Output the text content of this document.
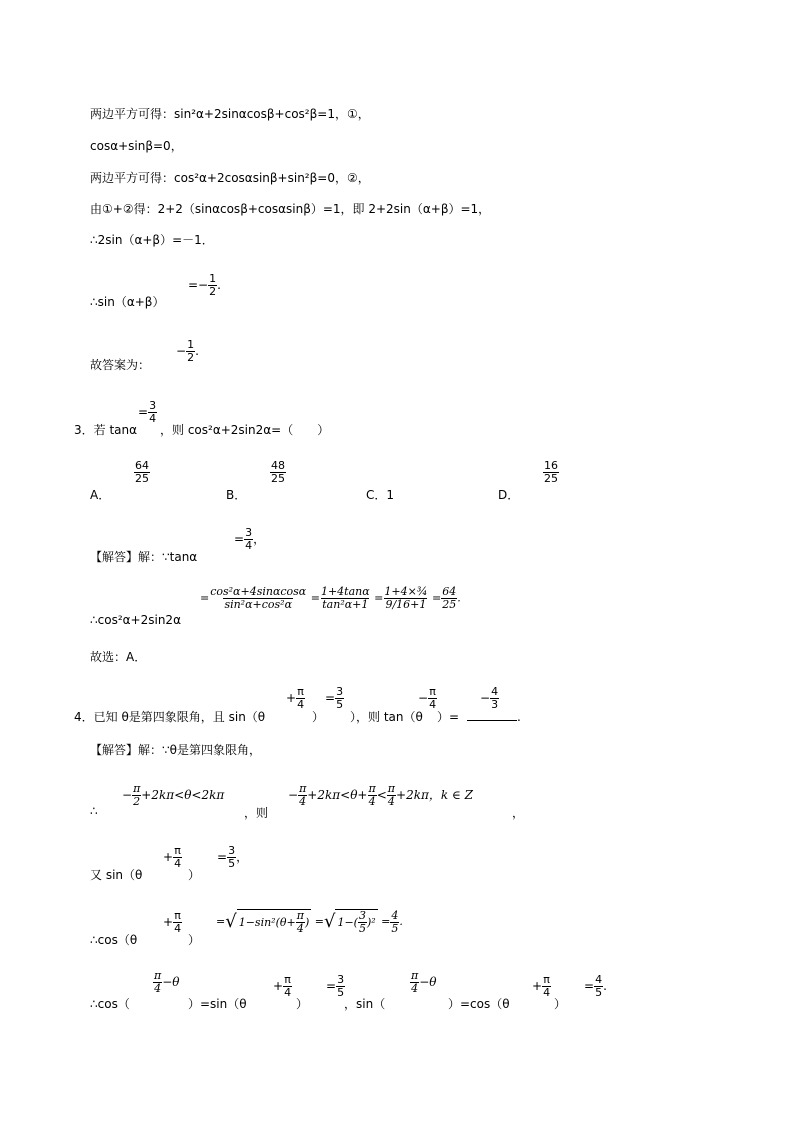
两边平方可得：sin²α+2sinαcosβ+cos²β=1，①，
cosα+sinβ=0，
两边平方可得：cos²α+2cosαsinβ+sin²β=0，②，
由①+②得：2+2（sinαcosβ+cosαsinβ）=1，即 2+2sin（α+β）=1，
∴2sin（α+β）=－1．
∴sin（α+β）
=− $\frac{1}{2}$ .
故答案为：
− $\frac{1}{2}$ .
3．若 tanα
= $\frac{3}{4}$
，则 cos²α+2sin2α=（　　）
A．
$\frac{64}{25}$
B．
$\frac{48}{25}$
C．1	D．
$\frac{16}{25}$
【解答】解：∵tanα
= $\frac{3}{4}$ ，
∴cos²α+2sin2α
= $\frac{\text{cos²α+4sinαcosα}}{\text{sin²α+cos²α}} = \frac{1+4\tan\alpha}{\text{tan²α+1}} = \frac{\text{1+4×¾}}{9/16+1} = \frac{64}{25}$ .
故选：A．
4．已知 θ是第四象限角，且 sin（θ
+ $\frac{\pi}{4}$
）
= $\frac{3}{5}$
），则 tan（θ
− $\frac{\pi}{4}$
）=	.
− $\frac{4}{3}$
【解答】解：∵θ是第四象限角，
∴
− $\frac{\pi}{2} +2k\pi<\theta<2k\pi$
，则
− $\frac{\pi}{4} +2k\pi<\theta+ \frac{\pi}{4} < \frac{\pi}{4} +2k\pi$，k ∈ Z
，
又 sin（θ
+ $\frac{\pi}{4}$
）
= $\frac{3}{5}$ ，
∴cos（θ
+ $\frac{\pi}{4}$
）
= √ $1-\sin^2(\theta+ \frac{\pi}{4}$ ) = √ $1-( \frac{3}{5} )^2 = \frac{4}{5}$ .
∴cos（
$\frac{\pi}{4} -\theta$
）=sin（θ
+ $\frac{\pi}{4}$
）
= $\frac{3}{5}$
，sin（
$\frac{\pi}{4} -\theta$
）=cos（θ
+ $\frac{\pi}{4}$
）
= $\frac{4}{5}$ .
